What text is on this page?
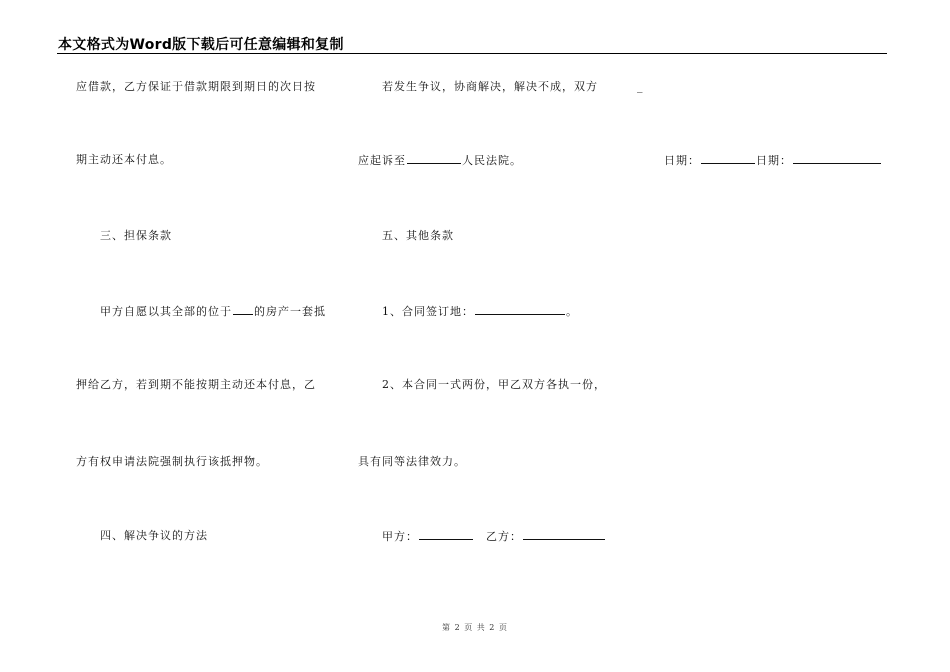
本文格式为Word版下载后可任意编辑和复制
应借款，乙方保证于借款期限到期日的次日按
期主动还本付息。
三、担保条款
甲方自愿以其全部的位于 的房产一套抵
押给乙方，若到期不能按期主动还本付息，乙
方有权申请法院强制执行该抵押物。
四、解决争议的方法
若发生争议，协商解决，解决不成，双方	_
应起诉至	人民法院。
五、其他条款
1、合同签订地：	。
2、本合同一式两份，甲乙双方各执一份，
具有同等法律效力。
甲方：	乙方：
日期：	日期：
第 2 页 共 2 页
